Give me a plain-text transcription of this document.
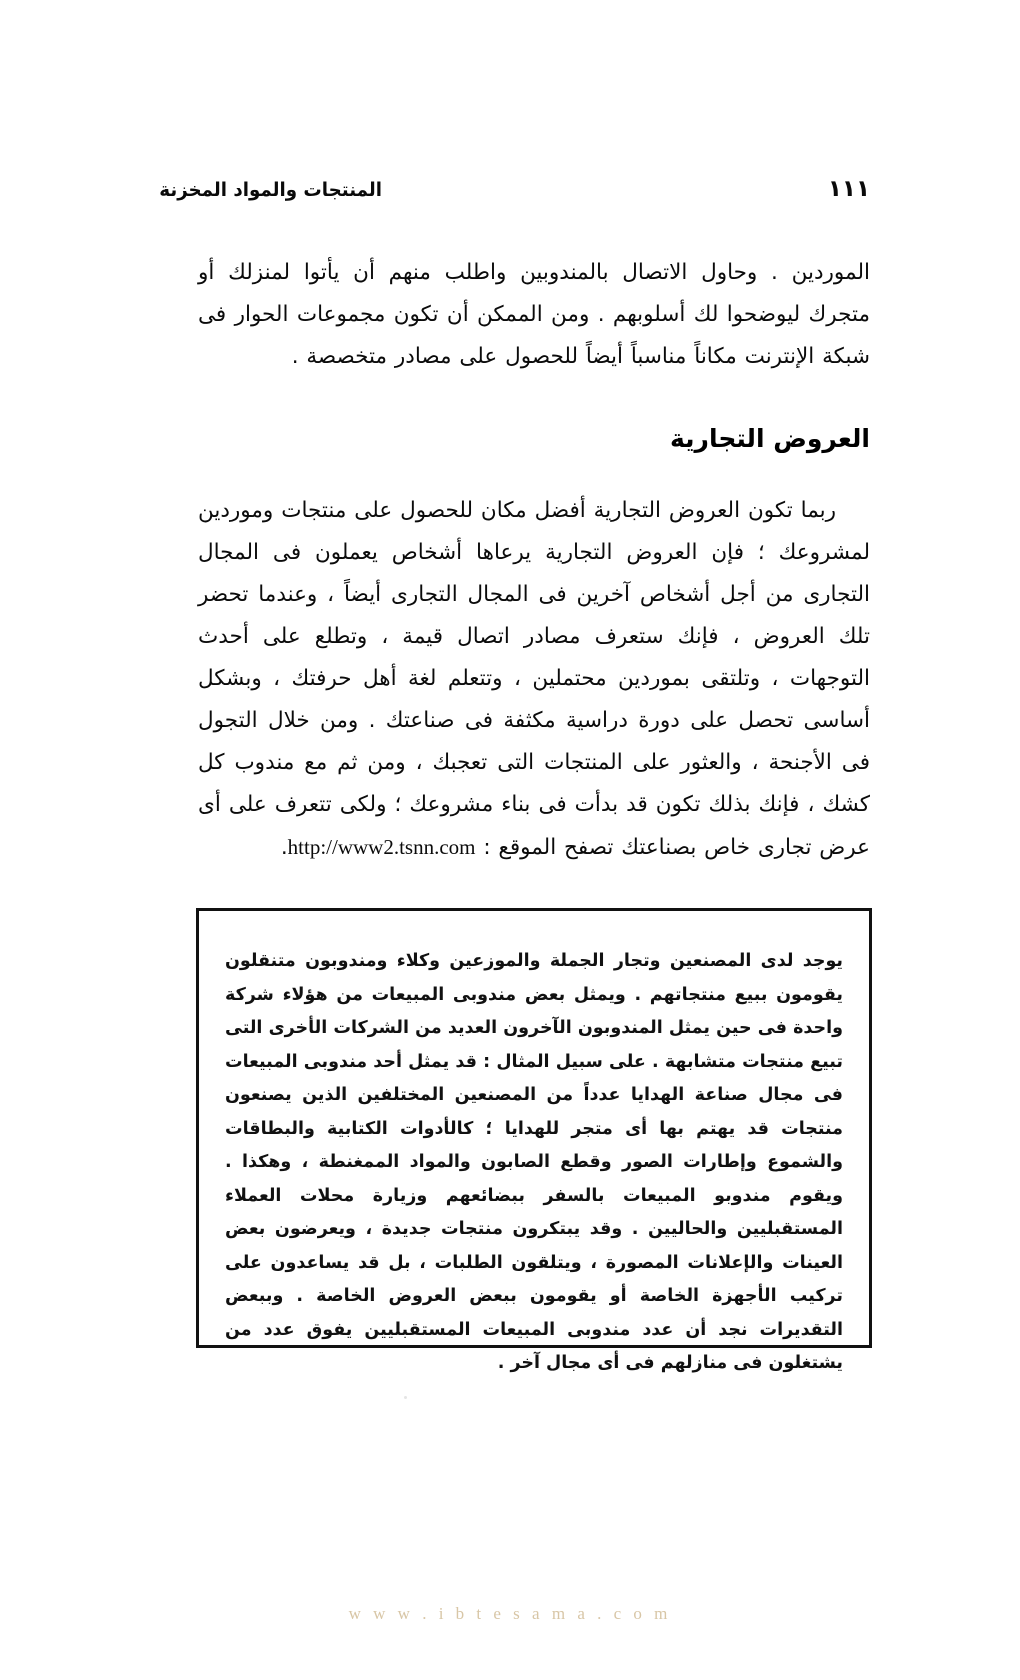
١١١
المنتجات والمواد المخزنة

الموردين . وحاول الاتصال بالمندوبين واطلب منهم أن يأتوا لمنزلك أو متجرك ليوضحوا لك أسلوبهم . ومن الممكن أن تكون مجموعات الحوار فى شبكة الإنترنت مكاناً مناسباً أيضاً للحصول على مصادر متخصصة .

العروض التجارية

ربما تكون العروض التجارية أفضل مكان للحصول على منتجات وموردين لمشروعك ؛ فإن العروض التجارية يرعاها أشخاص يعملون فى المجال التجارى من أجل أشخاص آخرين فى المجال التجارى أيضاً ، وعندما تحضر تلك العروض ، فإنك ستعرف مصادر اتصال قيمة ، وتطلع على أحدث التوجهات ، وتلتقى بموردين محتملين ، وتتعلم لغة أهل حرفتك ، وبشكل أساسى تحصل على دورة دراسية مكثفة فى صناعتك . ومن خلال التجول فى الأجنحة ، والعثور على المنتجات التى تعجبك ، ومن ثم مع مندوب كل كشك ، فإنك بذلك تكون قد بدأت فى بناء مشروعك ؛ ولكى تتعرف على أى عرض تجارى خاص بصناعتك تصفح الموقع : http://www2.tsnn.com.

يوجد لدى المصنعين وتجار الجملة والموزعين وكلاء ومندوبون متنقلون يقومون ببيع منتجاتهم . ويمثل بعض مندوبى المبيعات من هؤلاء شركة واحدة فى حين يمثل المندوبون الآخرون العديد من الشركات الأخرى التى تبيع منتجات متشابهة . على سبيل المثال : قد يمثل أحد مندوبى المبيعات فى مجال صناعة الهدايا عدداً من المصنعين المختلفين الذين يصنعون منتجات قد يهتم بها أى متجر للهدايا ؛ كالأدوات الكتابية والبطاقات والشموع وإطارات الصور وقطع الصابون والمواد الممغنطة ، وهكذا . ويقوم مندوبو المبيعات بالسفر ببضائعهم وزيارة محلات العملاء المستقبليين والحاليين . وقد يبتكرون منتجات جديدة ، ويعرضون بعض العينات والإعلانات المصورة ، ويتلقون الطلبات ، بل قد يساعدون على تركيب الأجهزة الخاصة أو يقومون ببعض العروض الخاصة . وببعض التقديرات نجد أن عدد مندوبى المبيعات المستقبليين يفوق عدد من يشتغلون فى منازلهم فى أى مجال آخر .

w w w . i b t e s a m a . c o m
